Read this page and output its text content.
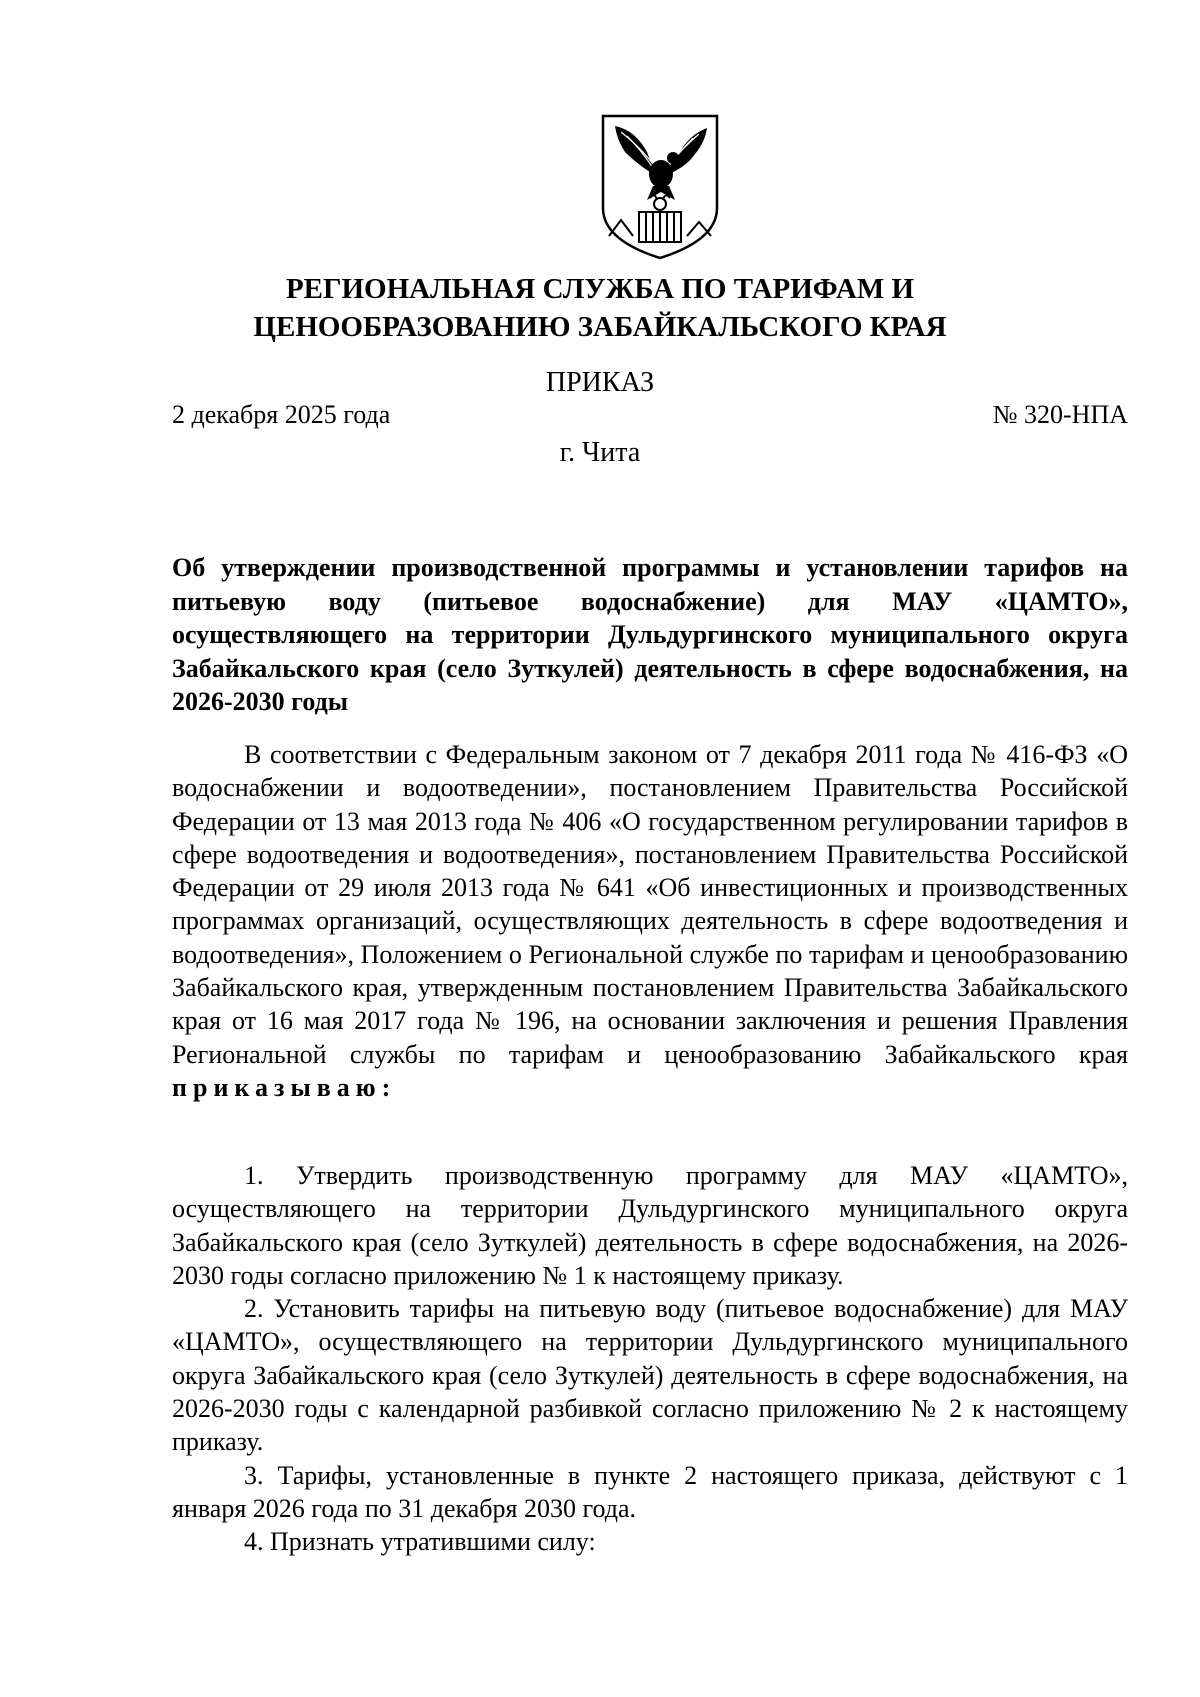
РЕГИОНАЛЬНАЯ СЛУЖБА ПО ТАРИФАМ И
ЦЕНООБРАЗОВАНИЮ ЗАБАЙКАЛЬСКОГО КРАЯ
ПРИКАЗ
2 декабря 2025 года	№ 320-НПА
г. Чита
Об утверждении производственной программы и установлении тарифов на питьевую воду (питьевое водоснабжение) для МАУ «ЦАМТО», осуществляющего на территории Дульдургинского муниципального округа Забайкальского края (село Зуткулей) деятельность в сфере водоснабжения, на 2026-2030 годы

В соответствии с Федеральным законом от 7 декабря 2011 года № 416-ФЗ «О водоснабжении и водоотведении», постановлением Правительства Российской Федерации от 13 мая 2013 года № 406 «О государственном регулировании тарифов в сфере водоотведения и водоотведения», постановлением Правительства Российской Федерации от 29 июля 2013 года № 641 «Об инвестиционных и производственных программах организаций, осуществляющих деятельность в сфере водоотведения и водоотведения», Положением о Региональной службе по тарифам и ценообразованию Забайкальского края, утвержденным постановлением Правительства Забайкальского края от 16 мая 2017 года № 196, на основании заключения и решения Правления Региональной службы по тарифам и ценообразованию Забайкальского края приказываю:

1. Утвердить производственную программу для МАУ «ЦАМТО», осуществляющего на территории Дульдургинского муниципального округа Забайкальского края (село Зуткулей) деятельность в сфере водоснабжения, на 2026-2030 годы согласно приложению № 1 к настоящему приказу.

2. Установить тарифы на питьевую воду (питьевое водоснабжение) для МАУ «ЦАМТО», осуществляющего на территории Дульдургинского муниципального округа Забайкальского края (село Зуткулей) деятельность в сфере водоснабжения, на 2026-2030 годы с календарной разбивкой согласно приложению № 2 к настоящему приказу.

3. Тарифы, установленные в пункте 2 настоящего приказа, действуют с 1 января 2026 года по 31 декабря 2030 года.

4. Признать утратившими силу:
